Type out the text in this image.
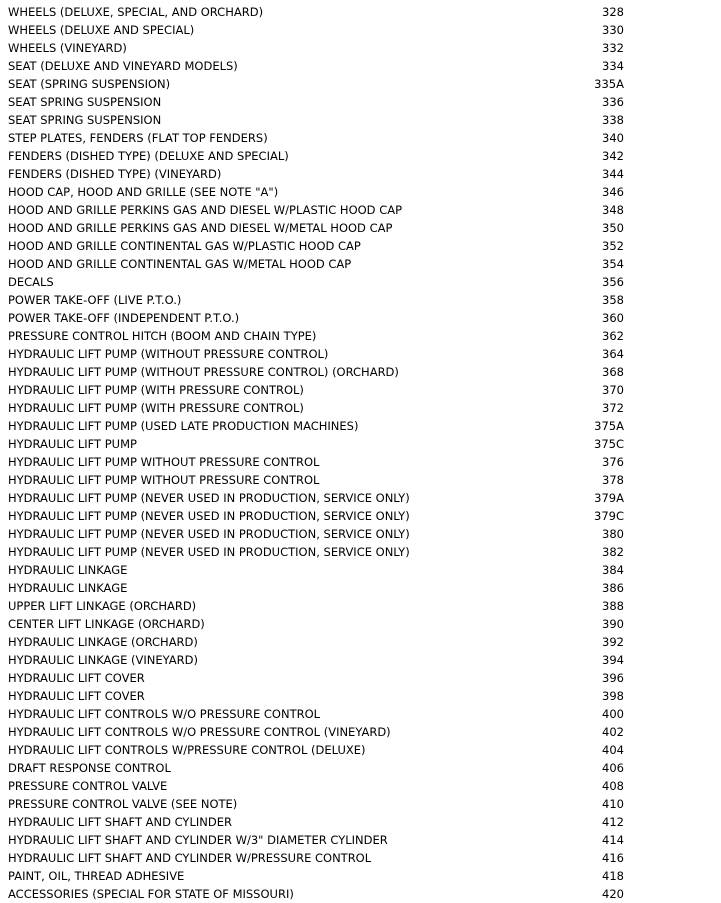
WHEELS (DELUXE, SPECIAL, AND ORCHARD)	328
WHEELS (DELUXE AND SPECIAL)	330
WHEELS (VINEYARD)	332
SEAT (DELUXE AND VINEYARD MODELS)	334
SEAT (SPRING SUSPENSION)	335A
SEAT SPRING SUSPENSION	336
SEAT SPRING SUSPENSION	338
STEP PLATES, FENDERS (FLAT TOP FENDERS)	340
FENDERS (DISHED TYPE) (DELUXE AND SPECIAL)	342
FENDERS (DISHED TYPE) (VINEYARD)	344
HOOD CAP, HOOD AND GRILLE (SEE NOTE "A")	346
HOOD AND GRILLE PERKINS GAS AND DIESEL W/PLASTIC HOOD CAP	348
HOOD AND GRILLE PERKINS GAS AND DIESEL W/METAL HOOD CAP	350
HOOD AND GRILLE CONTINENTAL GAS W/PLASTIC HOOD CAP	352
HOOD AND GRILLE CONTINENTAL GAS W/METAL HOOD CAP	354
DECALS	356
POWER TAKE-OFF (LIVE P.T.O.)	358
POWER TAKE-OFF (INDEPENDENT P.T.O.)	360
PRESSURE CONTROL HITCH (BOOM AND CHAIN TYPE)	362
HYDRAULIC LIFT PUMP (WITHOUT PRESSURE CONTROL)	364
HYDRAULIC LIFT PUMP (WITHOUT PRESSURE CONTROL) (ORCHARD)	368
HYDRAULIC LIFT PUMP (WITH PRESSURE CONTROL)	370
HYDRAULIC LIFT PUMP (WITH PRESSURE CONTROL)	372
HYDRAULIC LIFT PUMP (USED LATE PRODUCTION MACHINES)	375A
HYDRAULIC LIFT PUMP	375C
HYDRAULIC LIFT PUMP WITHOUT PRESSURE CONTROL	376
HYDRAULIC LIFT PUMP WITHOUT PRESSURE CONTROL	378
HYDRAULIC LIFT PUMP (NEVER USED IN PRODUCTION, SERVICE ONLY)	379A
HYDRAULIC LIFT PUMP (NEVER USED IN PRODUCTION, SERVICE ONLY)	379C
HYDRAULIC LIFT PUMP (NEVER USED IN PRODUCTION, SERVICE ONLY)	380
HYDRAULIC LIFT PUMP (NEVER USED IN PRODUCTION, SERVICE ONLY)	382
HYDRAULIC LINKAGE	384
HYDRAULIC LINKAGE	386
UPPER LIFT LINKAGE (ORCHARD)	388
CENTER LIFT LINKAGE (ORCHARD)	390
HYDRAULIC LINKAGE (ORCHARD)	392
HYDRAULIC LINKAGE (VINEYARD)	394
HYDRAULIC LIFT COVER	396
HYDRAULIC LIFT COVER	398
HYDRAULIC LIFT CONTROLS W/O PRESSURE CONTROL	400
HYDRAULIC LIFT CONTROLS W/O PRESSURE CONTROL (VINEYARD)	402
HYDRAULIC LIFT CONTROLS W/PRESSURE CONTROL (DELUXE)	404
DRAFT RESPONSE CONTROL	406
PRESSURE CONTROL VALVE	408
PRESSURE CONTROL VALVE (SEE NOTE)	410
HYDRAULIC LIFT SHAFT AND CYLINDER	412
HYDRAULIC LIFT SHAFT AND CYLINDER W/3" DIAMETER CYLINDER	414
HYDRAULIC LIFT SHAFT AND CYLINDER W/PRESSURE CONTROL	416
PAINT, OIL, THREAD ADHESIVE	418
ACCESSORIES (SPECIAL FOR STATE OF MISSOURI)	420
